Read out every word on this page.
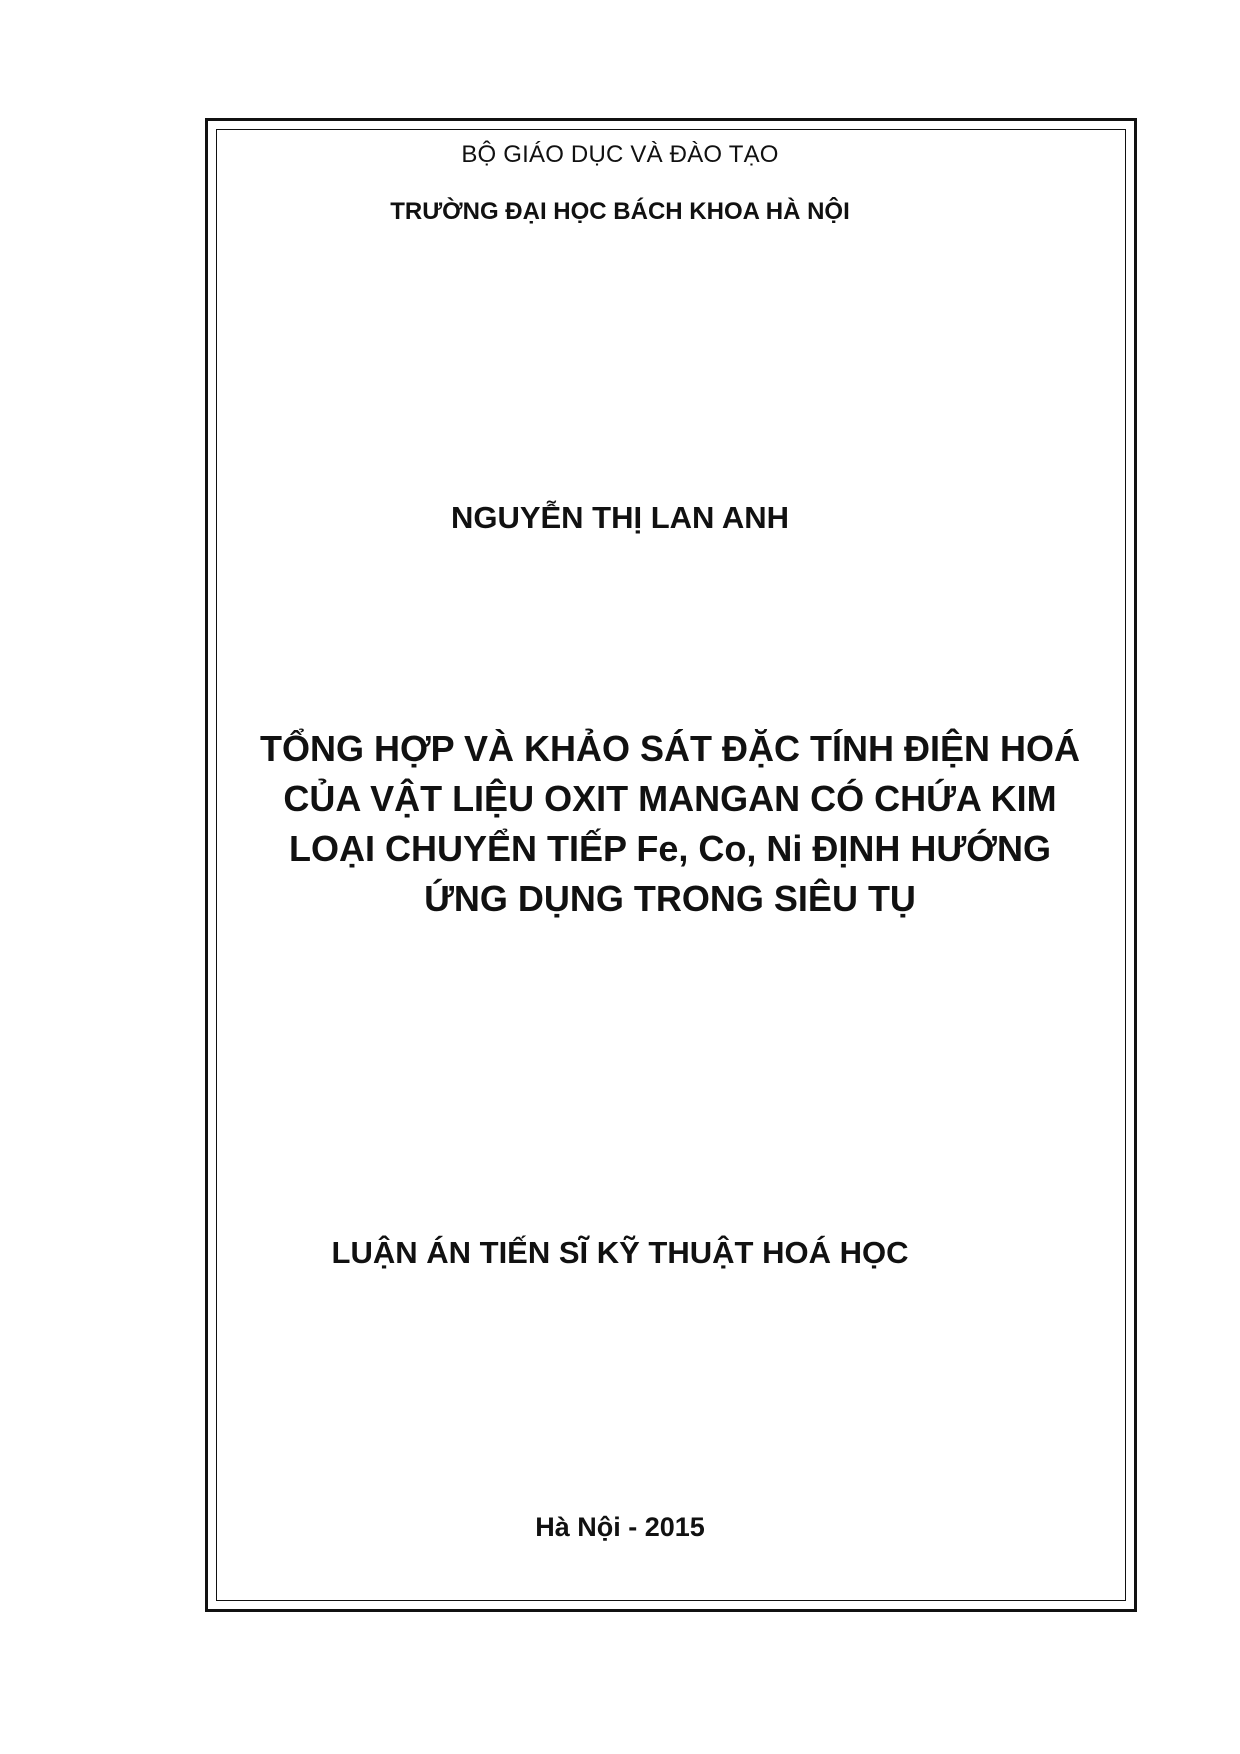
BỘ GIÁO DỤC VÀ ĐÀO TẠO
TRƯỜNG ĐẠI HỌC BÁCH KHOA HÀ NỘI
NGUYỄN THỊ LAN ANH
TỔNG HỢP VÀ KHẢO SÁT ĐẶC TÍNH ĐIỆN HOÁ
CỦA VẬT LIỆU OXIT MANGAN CÓ CHỨA KIM
LOẠI CHUYỂN TIẾP Fe, Co, Ni ĐỊNH HƯỚNG
ỨNG DỤNG TRONG SIÊU TỤ
LUẬN ÁN TIẾN SĨ KỸ THUẬT HOÁ HỌC
Hà Nội - 2015
